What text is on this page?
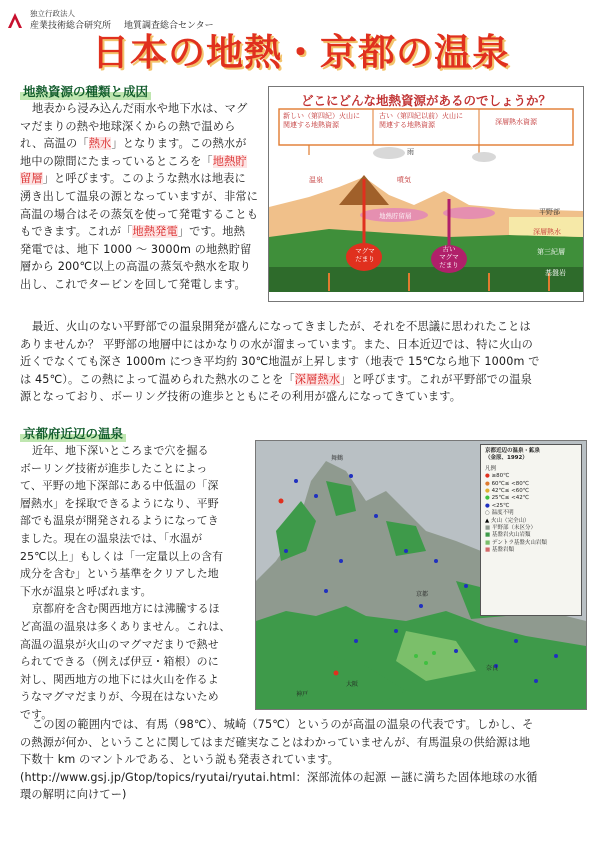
独立行政法人
産業技術総合研究所 地質調査総合センター
日本の地熱・京都の温泉
地熱資源の種類と成因

地表から浸み込んだ雨水や地下水は、マグ

マだまりの熱や地球深くからの熱で温めら

れ、高温の「熱水」となります。この熱水が

地中の隙間にたまっているところを「地熱貯

留層」と呼びます。このような熱水は地表に

湧き出して温泉の源となっていますが、非常に

高温の場合はその蒸気を使って発電することも

もできます。これが「地熱発電」です。地熱

発電では、地下 1000 〜 3000m の地熱貯留

層から 200℃以上の高温の蒸気や熱水を取り

出し、これでタービンを回して発電します。

どこにどんな地熱資源があるのでしょうか？
新しい（第四紀）火山に
関連する地熱資源
古い（第四紀以前）火山に
関連する地熱資源	深層熱水資源
雨
温泉	噴気
平野部
深層熱水
第三紀層
基盤岩
地熱貯留層
マグマ
だまり
古い
マグマ
だまり
地下深部からの熱

最近、火山のない平野部での温泉開発が盛んになってきましたが、それを不思議に思われたことは

ありませんか？ 平野部の地層中にはかなりの水が溜まっています。また、日本近辺では、特に火山の

近くでなくても深さ 1000m につき平均約 30℃地温が上昇します（地表で 15℃なら地下 1000m で

は 45℃）。この熱によって温められた熱水のことを「深層熱水」と呼びます。これが平野部での温泉

源となっており、ボーリング技術の進歩とともにその利用が盛んになってきています。

京都府近辺の温泉

近年、地下深いところまで穴を掘る

ボーリング技術が進歩したことによっ

て、平野の地下深部にある中低温の「深

層熱水」を採取できるようになり、平野

部でも温泉が開発されるようになってき

ました。現在の温泉法では、「水温が

25℃以上」もしくは「一定量以上の含有

成分を含む」という基準をクリアした地

下水が温泉と呼ばれます。

京都府を含む関西地方には沸騰するほ

ど高温の温泉は多くありません。これは、

高温の温泉が火山のマグマだまりで熱せ

られてできる（例えば伊豆・箱根）のに

対し、関西地方の地下には火山を作るよ

うなマグマだまりが、今現在はないため

です。

舞鶴
京都
大阪
神戸
奈良
京都近辺の温泉・鉱泉
（金原、1992）
凡例
● ≥80℃
● 60℃≤ <80℃
● 42℃≤ <60℃
● 25℃≤ <42℃
● <25℃
○ 温度不明
▲ 火山（完全山）
■ 平野部（未区分）
■ 基盤岩火山岩類
■ デントラ基盤火山岩類
■ 基盤岩類

この図の範囲内では、有馬（98℃）、城崎（75℃）というのが高温の温泉の代表です。しかし、そ

の熱源が何か、ということに関してはまだ確実なことはわかっていませんが、有馬温泉の供給源は地

下数十 km のマントルである、という説も発表されています。

(http://www.gsj.jp/Gtop/topics/ryutai/ryutai.html：深部流体の起源 ー謎に満ちた固体地球の水循

環の解明に向けてー)
